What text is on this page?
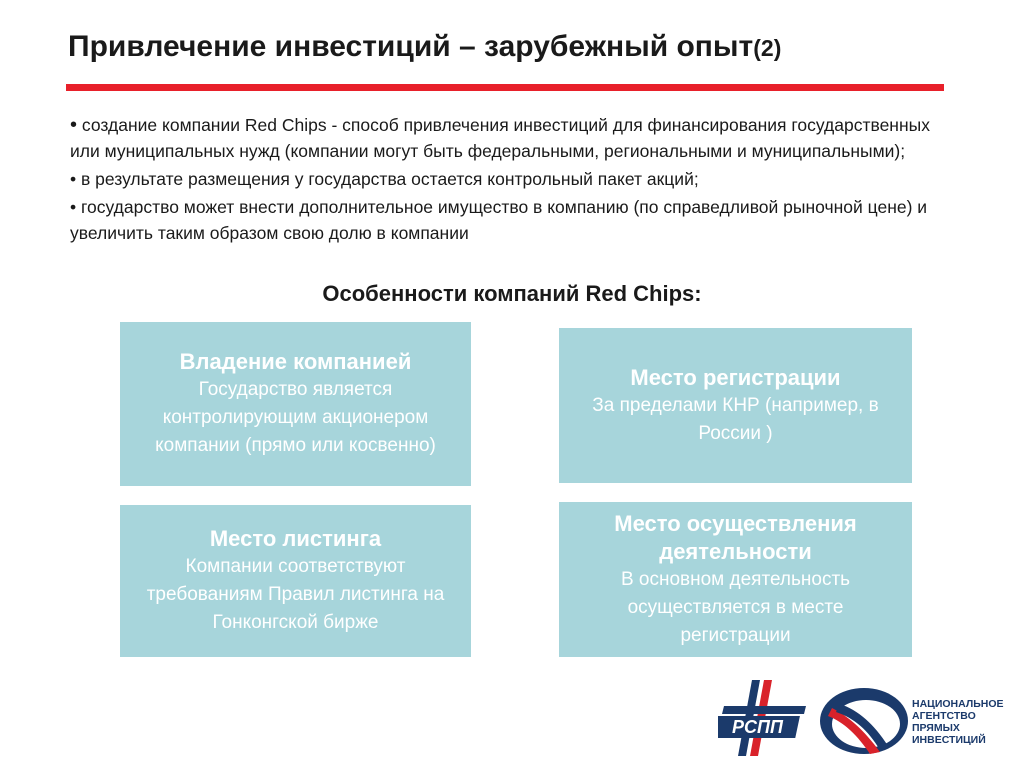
Привлечение инвестиций – зарубежный опыт(2)

• создание компании Red Chips - способ привлечения инвестиций для финансирования государственных или муниципальных нужд (компании могут быть федеральными, региональными и муниципальными);

• в результате размещения у государства остается контрольный пакет акций;

• государство может внести дополнительное имущество в компанию (по справедливой рыночной цене) и увеличить таким образом свою долю в компании

Особенности компаний Red Chips:
Владение компанией
Государство является контролирующим акционером компании (прямо или косвенно)
Место регистрации
За пределами КНР (например, в России )
Место листинга
Компании соответствуют требованиям Правил листинга на Гонконгской бирже
Место осуществления деятельности
В основном деятельность осуществляется в месте регистрации
РСПП
НАЦИОНАЛЬНОЕ
АГЕНТСТВО
ПРЯМЫХ
ИНВЕСТИЦИЙ
